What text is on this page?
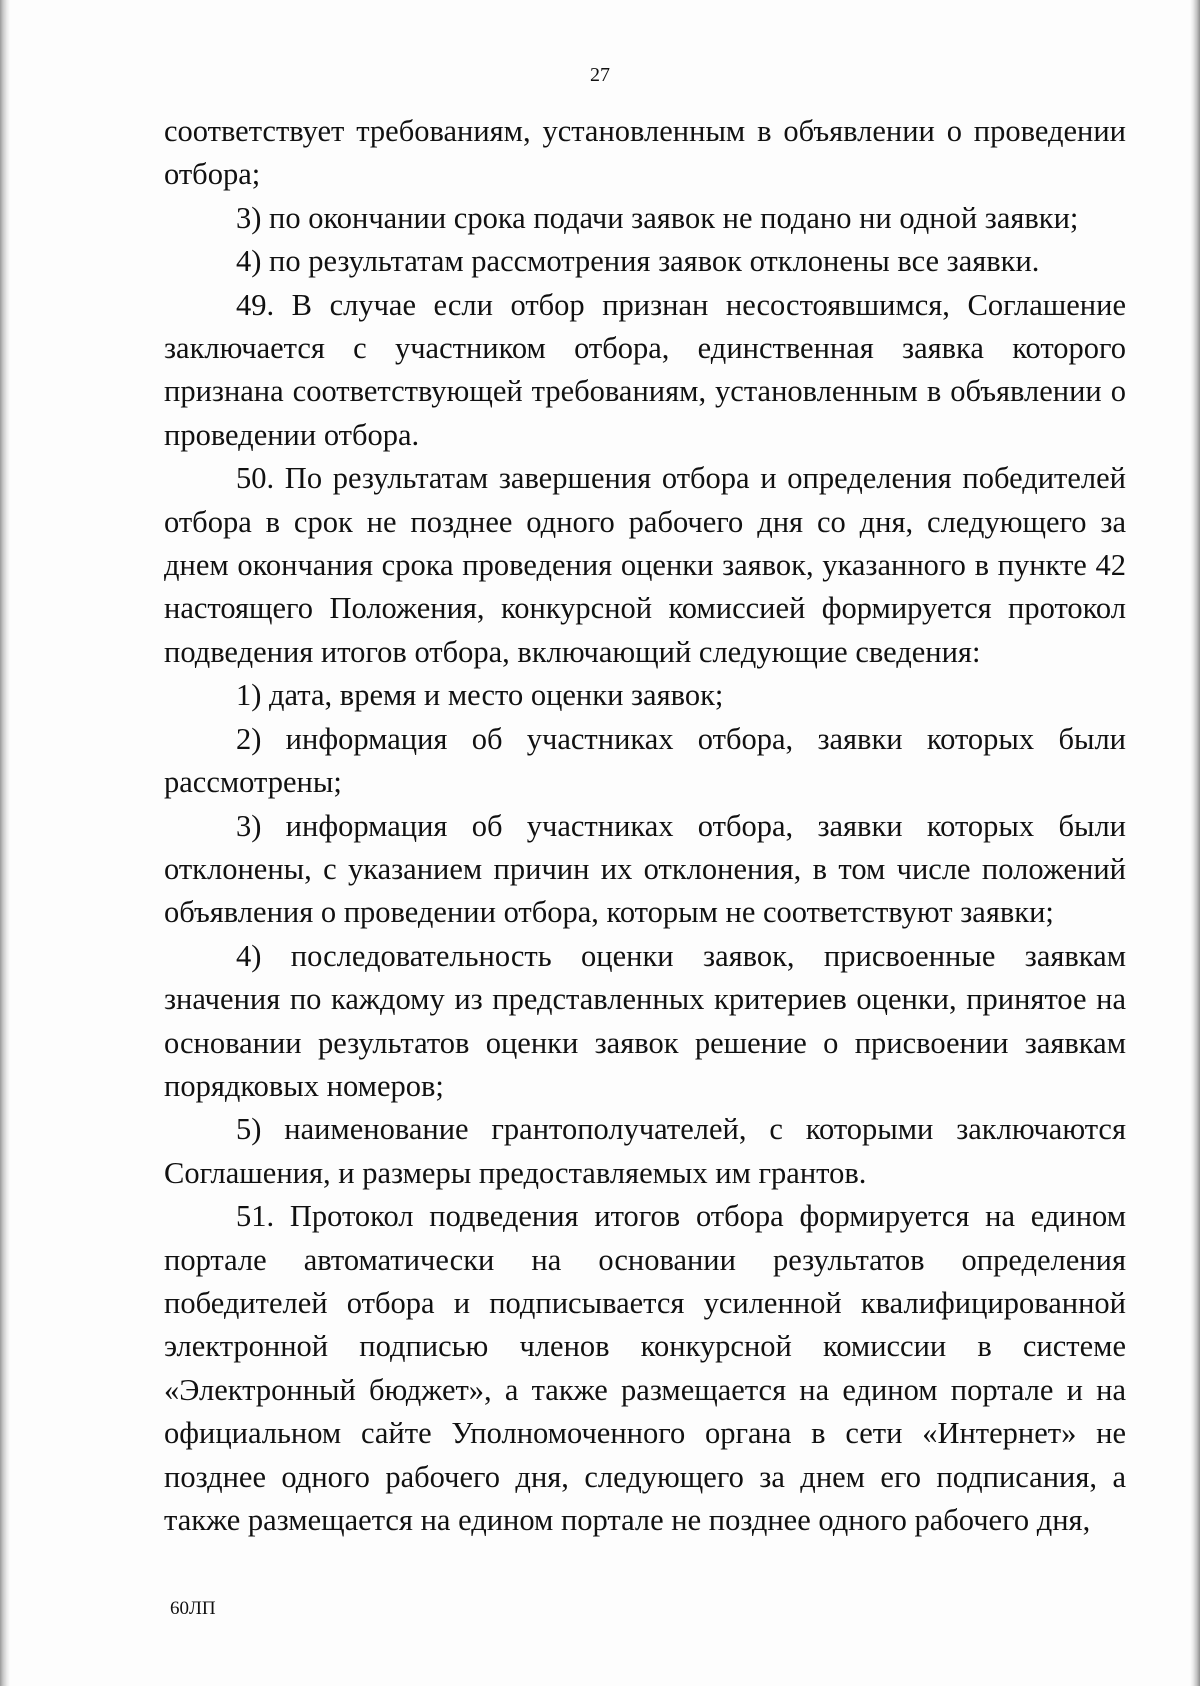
27

соответствует требованиям, установленным в объявлении о проведении отбора;

3) по окончании срока подачи заявок не подано ни одной заявки;

4) по результатам рассмотрения заявок отклонены все заявки.

49. В случае если отбор признан несостоявшимся, Соглашение заключается с участником отбора, единственная заявка которого признана соответствующей требованиям, установленным в объявлении о проведении отбора.

50. По результатам завершения отбора и определения победителей отбора в срок не позднее одного рабочего дня со дня, следующего за днем окончания срока проведения оценки заявок, указанного в пункте 42 настоящего Положения, конкурсной комиссией формируется протокол подведения итогов отбора, включающий следующие сведения:

1) дата, время и место оценки заявок;

2) информация об участниках отбора, заявки которых были рассмотрены;

3) информация об участниках отбора, заявки которых были отклонены, с указанием причин их отклонения, в том числе положений объявления о проведении отбора, которым не соответствуют заявки;

4) последовательность оценки заявок, присвоенные заявкам значения по каждому из представленных критериев оценки, принятое на основании результатов оценки заявок решение о присвоении заявкам порядковых номеров;

5) наименование грантополучателей, с которыми заключаются Соглашения, и размеры предоставляемых им грантов.

51. Протокол подведения итогов отбора формируется на едином портале автоматически на основании результатов определения победителей отбора и подписывается усиленной квалифицированной электронной подписью членов конкурсной комиссии в системе «Электронный бюджет», а также размещается на едином портале и на официальном сайте Уполномоченного органа в сети «Интернет» не позднее одного рабочего дня, следующего за днем его подписания, а также размещается на едином портале не позднее одного рабочего дня,

60ЛП
